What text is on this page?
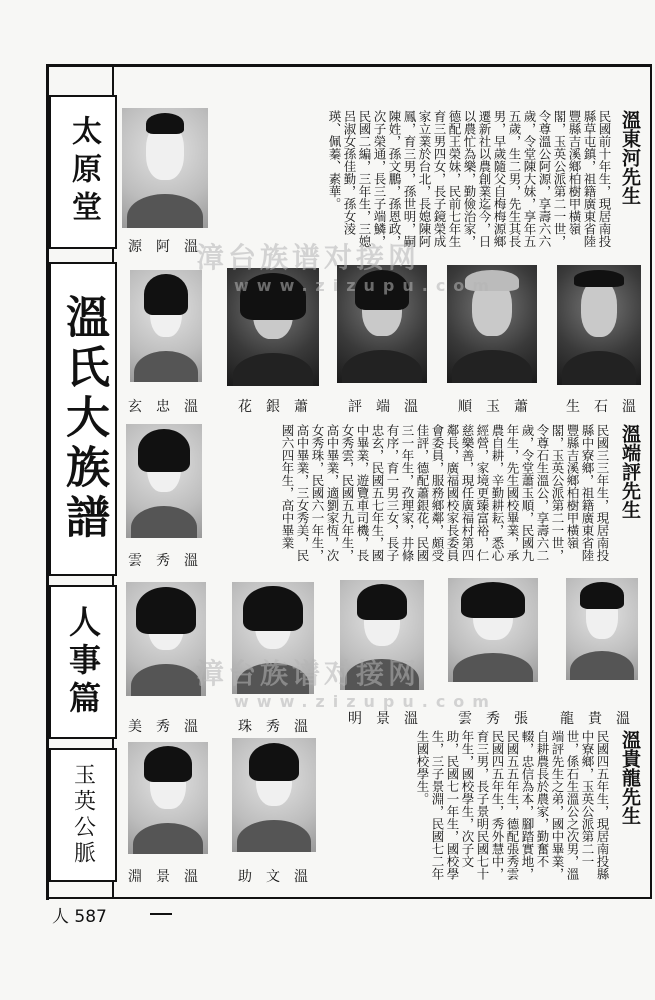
太原堂
溫氏大族譜
人事篇
玉英公脈
源阿溫
溫東河先生
民國前十年生，現居南投縣草屯鎮，祖籍廣東省陸豐縣吉溪鄉柏樹甲橫嶺閣，玉英公派第二一世，令尊溫公阿源，享壽六六歲，令堂陳大妹，享年五五歲，生二男，先生其長男，早歲隨父自梅梅源鄉遷新社以農創業迄今，日以農忙為樂，勤儉治家，德配王榮妹，民前七年生育三男四女，長子鏡榮成家立業於台北，長媳陳阿鳳，育三男，孫世明，嗣陳姓，孫文鵬，孫恩政，次子榮通，長三子端鱗，民國二編，三年生，三媳呂淑女孫佳勤，孫女淩瑛、佩蓁、素華。
生石溫
順玉蕭
評端溫
花銀蕭
玄忠溫
雲秀溫
溫端評先生
民國三三年生，現居南投縣中寮鄉，祖籍廣東省陸豐縣吉溪鄉柏樹甲橫嶺閣，玉英公派第二一世，令尊石生溫公，享壽六二歲，令堂蕭玉順，民國九年生，先生國校畢業，承農自耕，辛勤耕耘，悉心經營，家境更臻富裕，仁慈樂善，現任廣福村第四鄰長，廣福國校家長委員會委員，服務鄉鄰，頗受佳評，德配蕭銀花，民國三一年生，孜理家，井條有序，育一男三女，長子忠玄，民國五七年生，國中畢業，遊覽車司機，長女秀雲，民國五九年生，高中畢業，適劉家恆，次女秀珠，民國六一年生，高中畢業，三女秀美，民國六四年生，高中畢業
龍貴溫
雲秀張
明景溫
珠秀溫
美秀溫
溫貴龍先生
民國四五年生，現居南投縣中寮鄉，玉英公派第二一世，係石生溫公之次男，溫端評先生之弟，國中畢業，自耕農長於農家，勤奮不輟，忠信為本，腳踏實地，民國五五年生，德配張秀雲民國四五年生，秀外慧中，育三男，長子景明民國七十年生，國校學生，次子文助，民國七一年生，國校學生，三子景淵，民國七二年生國校學生。
助文溫
淵景溫
漳台族谱对接网
www.zizupu.com
漳台族谱对接网
www.zizupu.com
人 587
